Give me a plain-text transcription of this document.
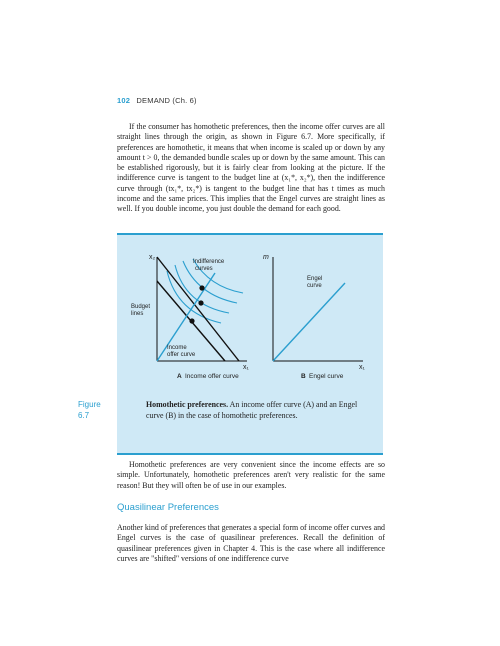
102 DEMAND (Ch. 6)

If the consumer has homothetic preferences, then the income offer curves are all straight lines through the origin, as shown in Figure 6.7. More specifically, if preferences are homothetic, it means that when income is scaled up or down by any amount t > 0, the demanded bundle scales up or down by the same amount. This can be established rigorously, but it is fairly clear from looking at the picture. If the indifference curve is tangent to the budget line at (x₁*, x₂*), then the indifference curve through (tx₁*, tx₂*) is tangent to the budget line that has t times as much income and the same prices. This implies that the Engel curves are straight lines as well. If you double income, you just double the demand for each good.

x₂
x₁
Indifference
curves
Budget
lines
Income
offer curve
A Income offer curve
m
x₁
Engel
curve
B Engel curve
Figure
6.7
Homothetic preferences. An income offer curve (A) and an Engel curve (B) in the case of homothetic preferences.

Homothetic preferences are very convenient since the income effects are so simple. Unfortunately, homothetic preferences aren't very realistic for the same reason! But they will often be of use in our examples.

Quasilinear Preferences

Another kind of preferences that generates a special form of income offer curves and Engel curves is the case of quasilinear preferences. Recall the definition of quasilinear preferences given in Chapter 4. This is the case where all indifference curves are "shifted" versions of one indifference curve
